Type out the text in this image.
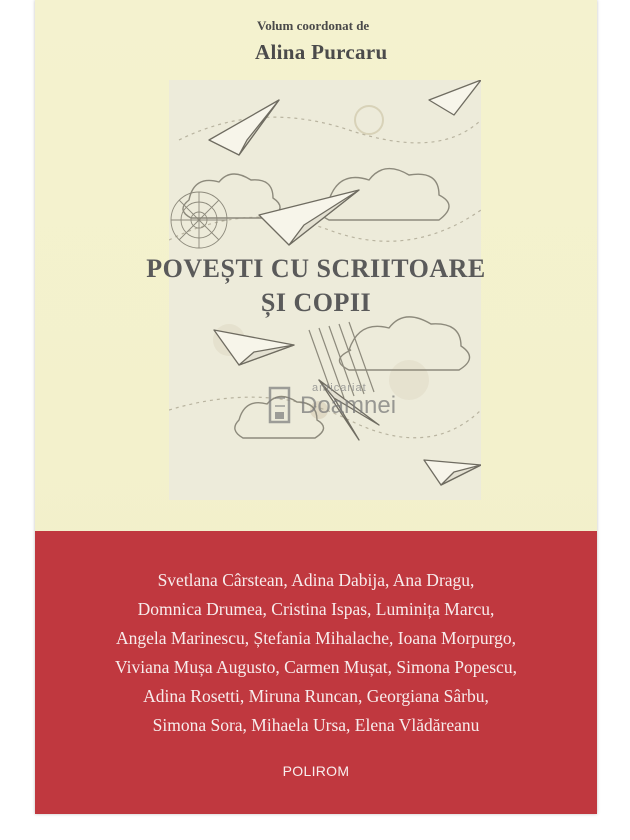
Volum coordonat de
Alina Purcaru
POVEȘTI CU SCRIITOARE
ȘI COPII
anticariat
Doamnei
Svetlana Cârstean, Adina Dabija, Ana Dragu,
Domnica Drumea, Cristina Ispas, Luminița Marcu,
Angela Marinescu, Ștefania Mihalache, Ioana Morpurgo,
Viviana Mușa Augusto, Carmen Mușat, Simona Popescu,
Adina Rosetti, Miruna Runcan, Georgiana Sârbu,
Simona Sora, Mihaela Ursa, Elena Vlădăreanu
POLIROM
